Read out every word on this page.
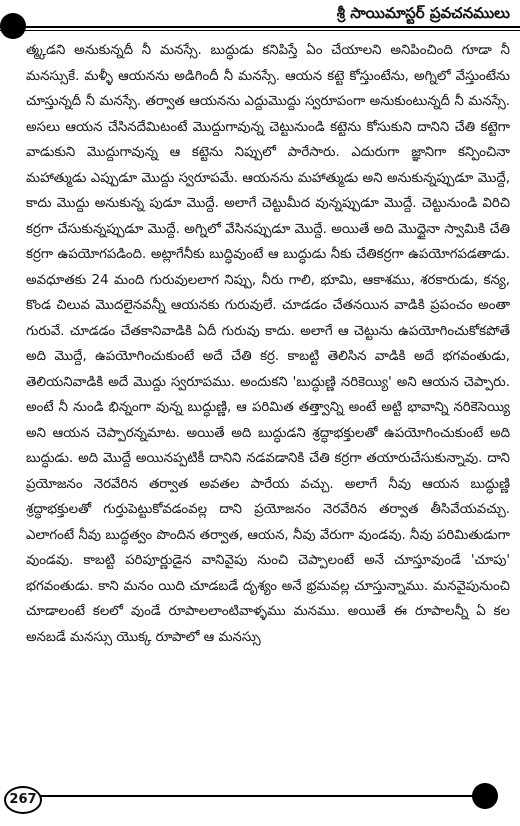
శ్రీ సాయిమాస్టర్ ప్రవచనములు

త్మ్కడని అనుకున్నదీ నీ మనస్సే. బుద్ధుడు కనిపిస్తే ఏం చేయాలని అనిపించింది గూడా నీ మనస్సుకే. మళ్ళీ ఆయనను అడిగిందీ నీ మనస్సే. ఆయన కట్టె కోస్తుంటేను, అగ్నిలో వేస్తుంటేను చూస్తున్నదీ నీ మనస్సే. తర్వాత ఆయనను ఎద్దుమొద్దు స్వరూపంగా అనుకుంటున్నదీ నీ మనస్సే. అసలు ఆయన చేసినదేమిటంటే మొద్దుగావున్న చెట్టునుండి కట్టెను కోసుకుని దానిని చేతి కట్టెగా వాడుకుని మొద్దుగావున్న ఆ కట్టెను నిప్పులో పారేసారు. ఎదురుగా జ్ఞానిగా కన్పించినా మహాత్ముడు ఎప్పుడూ మొద్దు స్వరూపమే. ఆయనను మహాత్ముడు అని అనుకున్నప్పుడూ మొద్దే, కాదు మొద్దు అనుకున్న పుడూ మొద్దే. అలాగే చెట్టుమీద వున్నప్పుడూ మొద్దే. చెట్టునుండి విరిచి కర్రగా చేసుకున్నప్పుడూ మొద్దే. అగ్నిలో వేసినప్పుడూ మొద్దే. అయితే అది మొద్దైనా స్వామికి చేతి కర్రగా ఉపయోగపడింది. అట్లాగేనీకు బుద్ధివుంటే ఆ బుద్ధుడు నీకు చేతికర్రగా ఉపయోగపడతాడు. అవధూతకు 24 మంది గురువులలాగ నిప్పు, నీరు గాలి, భూమి, ఆకాశము, శరకారుడు, కన్య, కొండ చిలువ మొదలైనవన్నీ ఆయనకు గురువులే. చూడడం చేతనయిన వాడికి ప్రపంచం అంతా గురువే. చూడడం చేతకానివాడికి ఏదీ గురువు కాదు. అలాగే ఆ చెట్టును ఉపయోగించుకోకపోతే అది మొద్దే, ఉపయోగించుకుంటే అదే చేతి కర్ర. కాబట్టి తెలిసిన వాడికి అదే భగవంతుడు, తెలియనివాడికి అదే మొద్దు స్వరూపము. అందుకని 'బుద్ధుణ్ణి నరికెయ్యి' అని ఆయన చెప్పారు. అంటే నీ నుండి భిన్నంగా వున్న బుద్ధుణ్ణి, ఆ పరిమిత తత్త్వాన్ని అంటే అట్టి భావాన్ని నరికెసెయ్యి అని ఆయన చెప్పారన్నమాట. అయితే అది బుద్ధుడని శ్రద్ధాభక్తులతో ఉపయోగించుకుంటే అది బుద్ధుడు. అది మొద్దే అయినప్పటికీ దానిని నడవడానికి చేతి కర్రగా తయారుచేసుకున్నావు. దాని ప్రయోజనం నెరవేరిన తర్వాత అవతల పారేయ వచ్చు. అలాగే నీవు ఆయన బుద్ధుణ్ణి శ్రద్ధాభక్తులతో గుర్తుపెట్టుకోవడంవల్ల దాని ప్రయోజనం నెరవేరిన తర్వాత తీసివేయవచ్చు. ఎలాగంటే నీవు బుద్ధత్వం పొందిన తర్వాత, ఆయన, నీవు వేరుగా వుండవు. నీవు పరిమితుడుగా వుండవు. కాబట్టి పరిపూర్ణుడైన వానివైపు నుంచి చెప్పాలంటే అనే చూస్తూవుండే 'చూపు' భగవంతుడు. కాని మనం యిది చూడబడే దృశ్యం అనే భ్రమవల్ల చూస్తున్నాము. మనవైపునుంచి చూడాలంటే కలలో వుండే రూపాలలాంటివాళ్ళము మనము. అయితే ఈ రూపాలన్నీ ఏ కల అనబడే మనస్సు యొక్క రూపాలో ఆ మనస్సు

267
